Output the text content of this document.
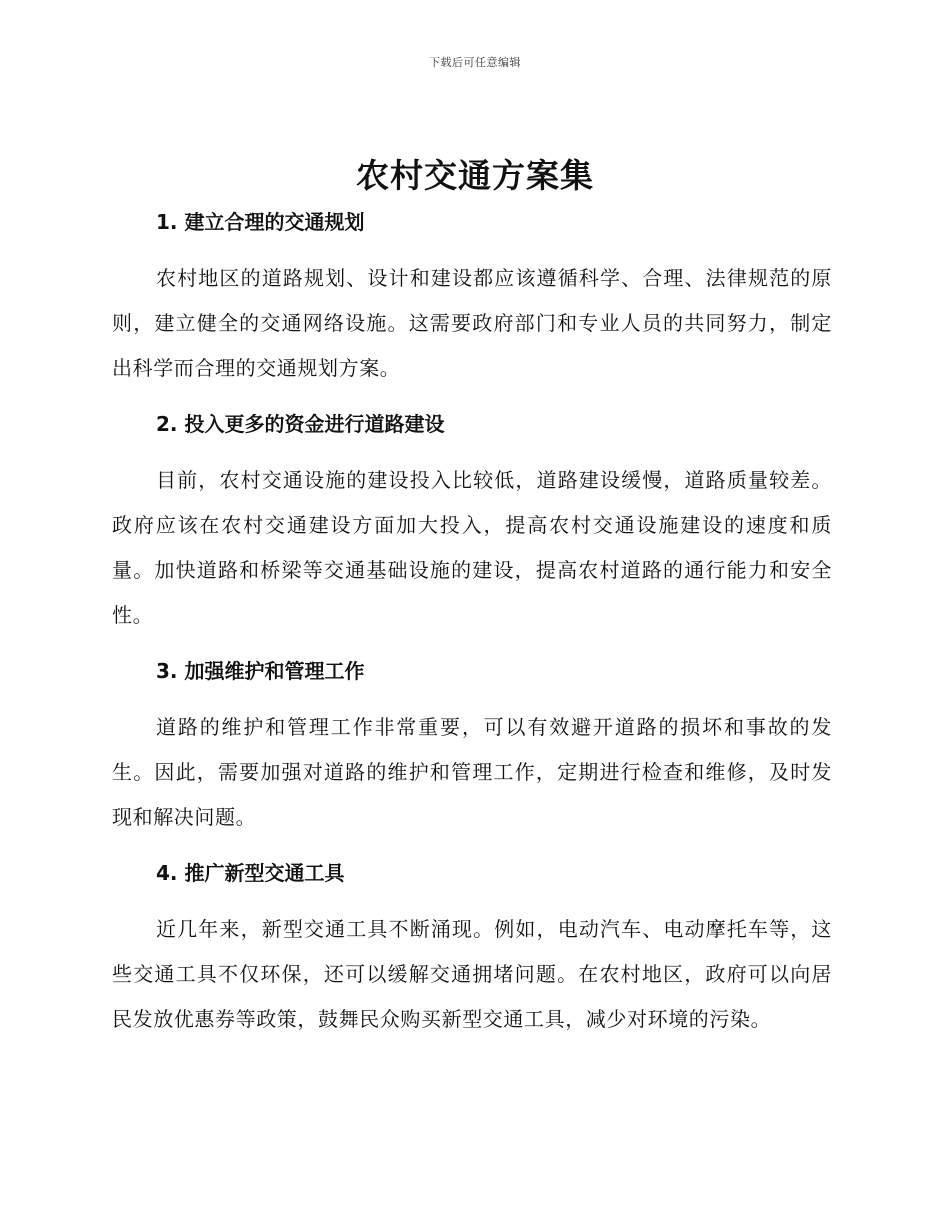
下载后可任意编辑
农村交通方案集
1. 建立合理的交通规划

农村地区的道路规划、设计和建设都应该遵循科学、合理、法律规范的原则，建立健全的交通网络设施。这需要政府部门和专业人员的共同努力，制定出科学而合理的交通规划方案。

2. 投入更多的资金进行道路建设

目前，农村交通设施的建设投入比较低，道路建设缓慢，道路质量较差。政府应该在农村交通建设方面加大投入，提高农村交通设施建设的速度和质量。加快道路和桥梁等交通基础设施的建设，提高农村道路的通行能力和安全性。

3. 加强维护和管理工作

道路的维护和管理工作非常重要，可以有效避开道路的损坏和事故的发生。因此，需要加强对道路的维护和管理工作，定期进行检查和维修，及时发现和解决问题。

4. 推广新型交通工具

近几年来，新型交通工具不断涌现。例如，电动汽车、电动摩托车等，这些交通工具不仅环保，还可以缓解交通拥堵问题。在农村地区，政府可以向居民发放优惠券等政策，鼓舞民众购买新型交通工具，减少对环境的污染。
